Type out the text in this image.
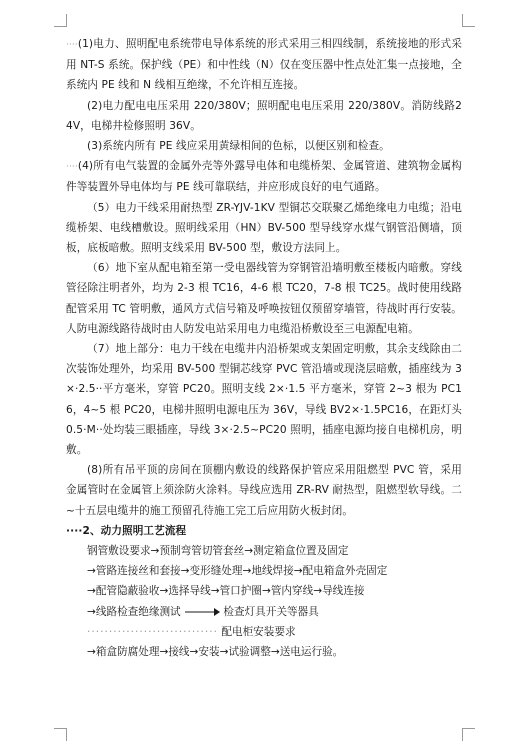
····(1)电力、照明配电系统带电导体系统的形式采用三相四线制，系统接地的形式采用 NT-S 系统。保护线（PE）和中性线（N）仅在变压器中性点处汇集一点接地，全系统内 PE 线和 N 线相互绝缘，不允许相互连接。

(2)电力配电电压采用 220/380V；照明配电电压采用 220/380V。消防线路24V，电梯井检修照明 36V。

(3)系统内所有 PE 线应采用黄绿相间的色标，以便区别和检查。

····(4)所有电气装置的金属外壳等外露导电体和电缆桥架、金属管道、建筑物金属构件等装置外导电体均与 PE 线可靠联结，并应形成良好的电气通路。

（5）电力干线采用耐热型 ZR-YJV-1KV 型铜芯交联聚乙烯绝缘电力电缆；沿电缆桥架、电线槽敷设。照明线采用（HN）BV-500 型导线穿水煤气钢管沿侧墙，顶板，底板暗敷。照明支线采用 BV-500 型，敷设方法同上。

（6）地下室从配电箱至第一受电器线管为穿钢管沿墙明敷至楼板内暗敷。穿线管径除注明者外，均为 2-3 根 TC16，4-6 根 TC20，7-8 根 TC25。战时使用线路配管采用 TC 管明敷，通风方式信号箱及呼唤按钮仅预留穿墙管，待战时再行安装。人防电源线路待战时由人防发电站采用电力电缆沿桥敷设至三电源配电箱。

（7）地上部分：电力干线在电缆井内沿桥架或支架固定明敷，其余支线除由二次装饰处理外，均采用 BV-500 型铜芯线穿 PVC 管沿墙或现浇层暗敷，插座线为 3×·2.5··平方毫米，穿管 PC20。照明支线 2×·1.5 平方毫米，穿管 2~3 根为 PC16，4~5 根 PC20，电梯井照明电源电压为 36V，导线 BV2×·1.5PC16，在距灯头 0.5·M··处均装三眼插座，导线 3×·2.5~PC20 照明，插座电源均接自电梯机房，明敷。

(8)所有吊平顶的房间在顶棚内敷设的线路保护管应采用阻燃型 PVC 管，采用金属管时在金属管上须涂防火涂料。导线应选用 ZR-RV 耐热型，阻燃型软导线。二~十五层电缆井的施工预留孔待施工完工后应用防火板封闭。

····2、动力照明工艺流程

钢管敷设要求→预制弯管切管套丝→测定箱盒位置及固定

→管路连接丝和套接→变形缝处理→地线焊接→配电箱盒外壳固定

→配管隐蔽验收→选择导线→管口护圈→管内穿线→导线连接

→线路检查绝缘测试	检查灯具开关等器具
······························ 配电柜安装要求

→箱盒防腐处理→接线→安装→试验调整→送电运行验。
